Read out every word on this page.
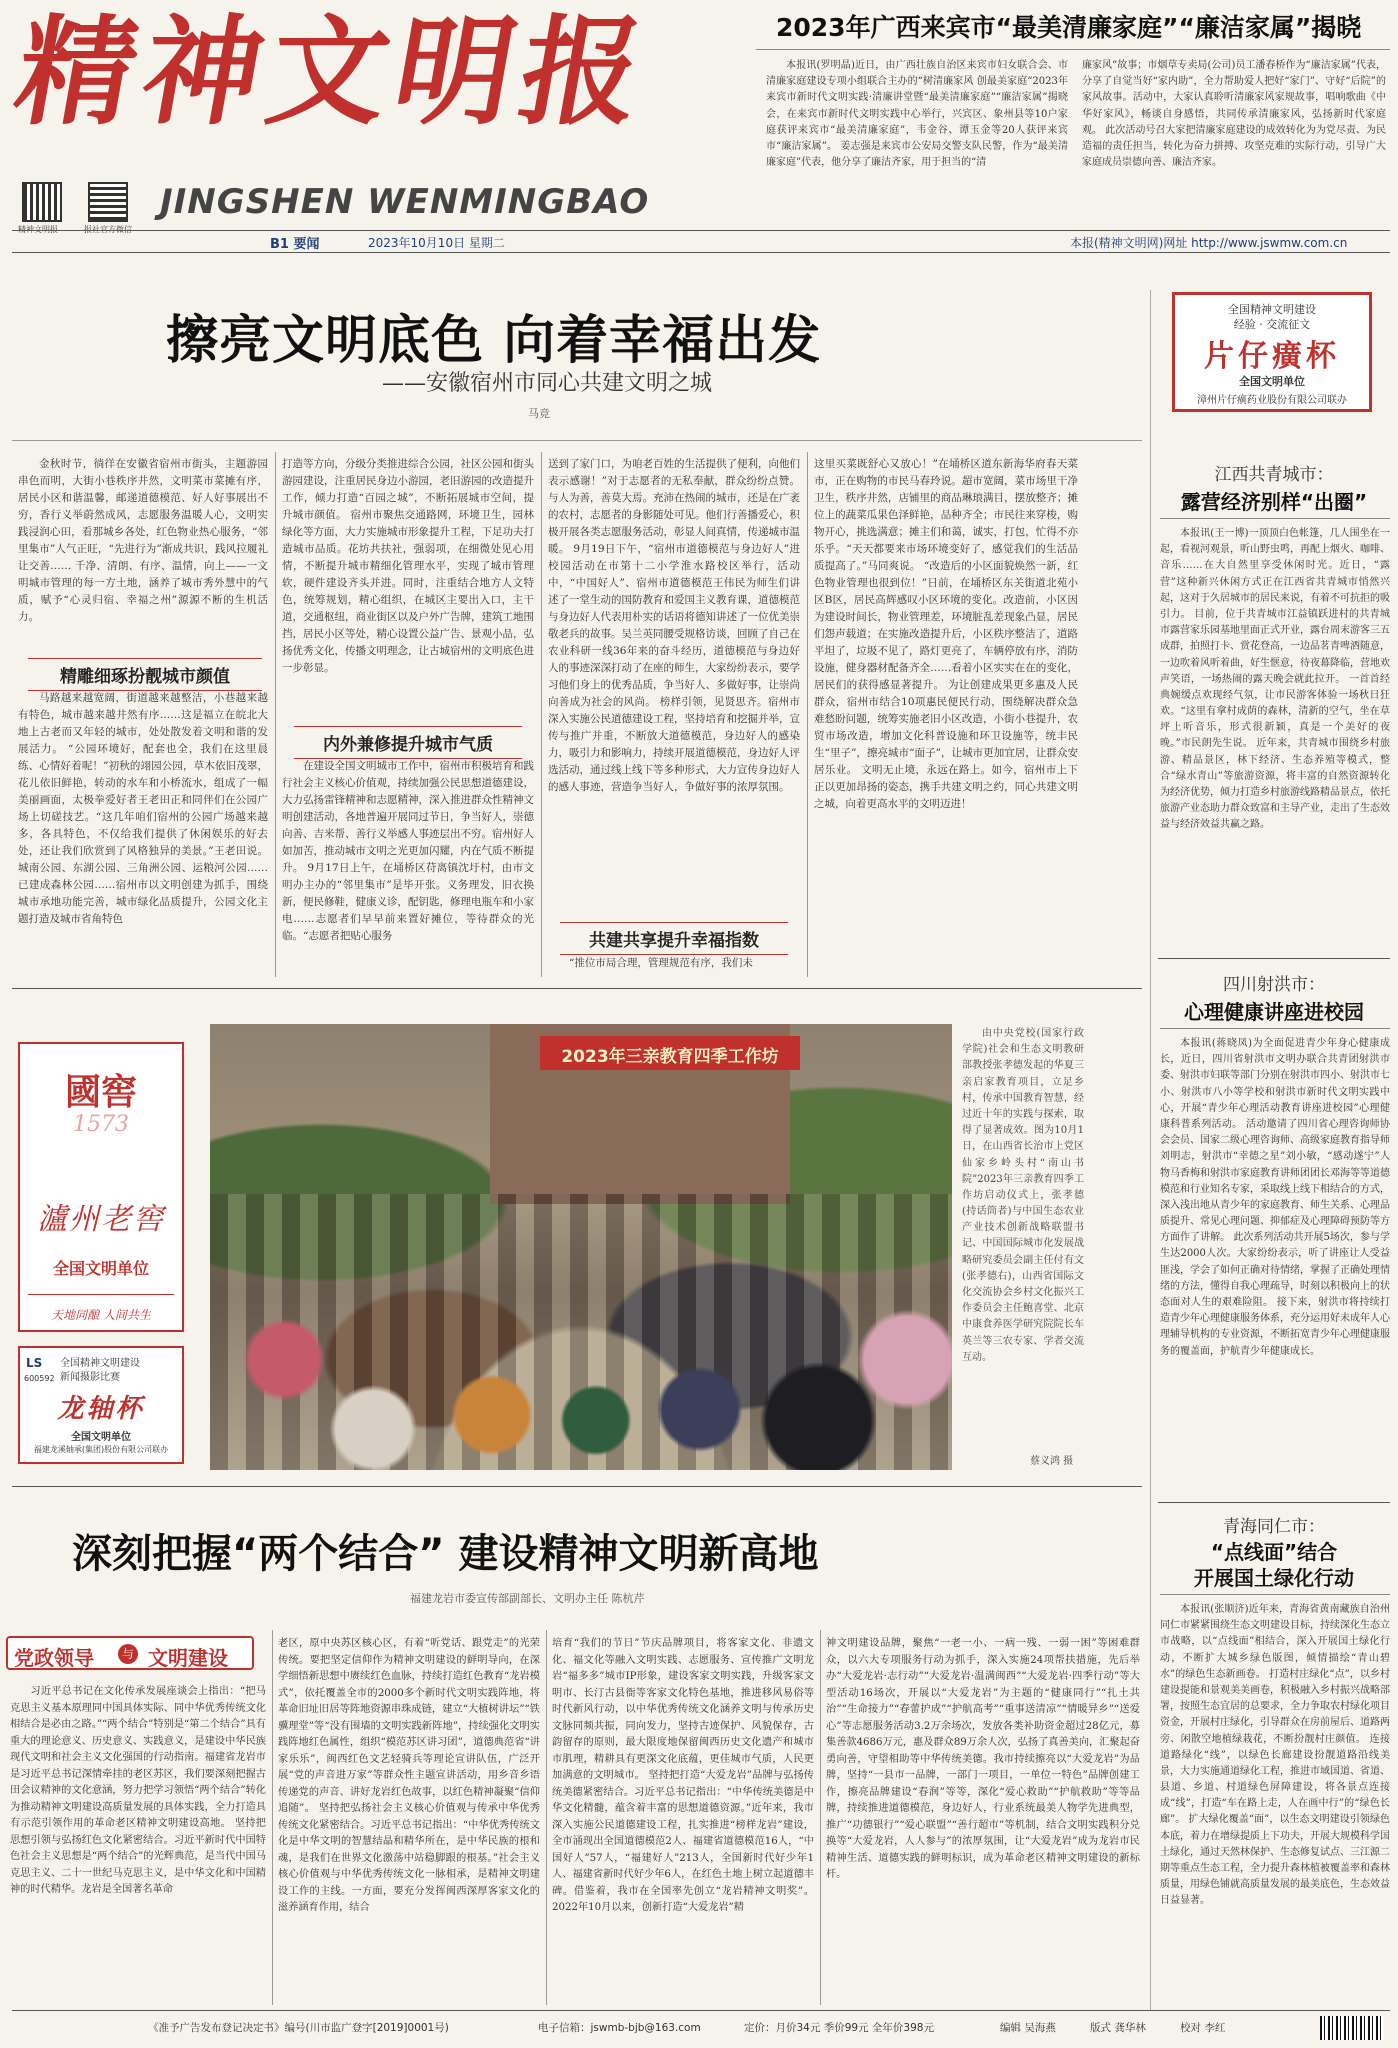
精神文明报
精神文明报	报社官方微信
JINGSHEN WENMINGBAO
B1 要闻	2023年10月10日 星期二	本报(精神文明网)网址 http://www.jswmw.com.cn
2023年广西来宾市“最美清廉家庭”“廉洁家属”揭晓
本报讯(罗明晶)近日，由广西壮族自治区来宾市妇女联合会、市清廉家庭建设专项小组联合主办的“树清廉家风 创最美家庭”2023年来宾市新时代文明实践·清廉讲堂暨“最美清廉家庭”“廉洁家属”揭晓会，在来宾市新时代文明实践中心举行，兴宾区、象州县等10户家庭获评来宾市“最美清廉家庭”，韦金谷、谭玉金等20人获评来宾市“廉洁家属”。 姜志强是来宾市公安局交警支队民警，作为“最美清廉家庭”代表，他分享了廉洁齐家，用于担当的“清
廉家风”故事；市烟草专卖局(公司)员工潘春桥作为“廉洁家属”代表，分享了自觉当好“家内助”，全力帮助爱人把好“家门”、守好“后院”的家风故事。活动中，大家认真聆听清廉家风家规故事，唱响歌曲《中华好家风》，畅谈自身感悟，共同传承清廉家风，弘扬新时代家庭观。 此次活动号召大家把清廉家庭建设的成效转化为为党尽责、为民造福的责任担当，转化为奋力拼搏、攻坚克难的实际行动，引导广大家庭成员崇德向善、廉洁齐家。
擦亮文明底色 向着幸福出发
——安徽宿州市同心共建文明之城
马竞
金秋时节，徜徉在安徽省宿州市街头，主题游园串色而明，大街小巷秩序井然，文明菜市菜摊有序，居民小区和谐温馨，邮递道德模范、好人好事展出不穷，香行义举蔚然成风，志愿服务温暖人心，文明实践浸润心田，看那城乡各处，红色物业热心服务，“邻里集市”人气正旺，“先进行为”渐成共识，践风拉履礼让交善…… 千净、清朗、有序、温情，向上——一文明城市管理的每一方土地，涵养了城市秀外慧中的气质，赋予“心灵归宿、幸福之州”源源不断的生机活力。
精雕细琢扮靓城市颜值
马路越来越宽阔，街道越来越整洁，小巷越来越有特色，城市越来越井然有序……这是福立在皖北大地上古老而又年轻的城市，处处散发着文明和谐的发展活力。 “公园环境好，配套也全，我们在这里晨练、心情好着呢！”初秋的翊园公园，草木依旧茂翠，花儿依旧鲜艳，转动的水车和小桥流水，组成了一幅美丽画面，太极拳爱好者王老田正和同伴们在公园广场上切磋技艺。“这几年咱们宿州的公园广场越来越多，各具特色，不仅给我们提供了休闲娱乐的好去处，还让我们欣赏到了风格独异的美景。”王老田说。 城南公园、东湖公园、三角洲公园、运粮河公园……已建成森林公园……宿州市以文明创建为抓手，围绕城市承地功能完善，城市绿化品质提升，公园文化主题打造及城市省角特色
打造等方向，分级分类推进综合公园，社区公园和街头游园建设，注重居民身边小游园，老旧游园的改造提升工作，倾力打造“百园之城”，不断拓展城市空间，提升城市颜值。 宿州市聚焦交通路网，环境卫生，园林绿化等方面，大力实施城市形象提升工程，下足功夫打造城市品质。花坊共扶社，强弱项，在细微处见心用情，不断提升城市精细化管理水平，实现了城市管理软，硬件建设齐头并进。同时，注重结合地方人文特色，统筹规划，精心组织，在城区主要出入口，主干道，交通枢纽，商业街区以及户外广告牌，建筑工地围挡，居民小区等处，精心设置公益广告、景观小品，弘扬优秀文化，传播文明理念，让古城宿州的文明底色进一步彰显。
内外兼修提升城市气质
在建设全国文明城市工作中，宿州市积极培育和践行社会主义核心价值观，持续加强公民思想道德建设，大力弘扬雷锋精神和志愿精神，深入推进群众性精神文明创建活动，各地普遍开展同过节日，争当好人，崇德向善、吉米帮、善行义举感人事迹层出不穷。宿州好人如加苦，推动城市文明之光更加闪耀，内在气质不断提升。 9月17日上午，在埇桥区苻离镇沈圩村，由市文明办主办的“邻里集市”是毕开张。义务理发，旧衣换新，便民修鞋，健康义诊，配钥匙，修理电瓶车和小家电……志愿者们早早前来置好摊位，等待群众的光临。“志愿者把贴心服务
送到了家门口，为咱老百姓的生活提供了便利，向他们表示感谢！”对于志愿者的无私奉献，群众纷纷点赞。 与人为善，善莫大焉。充沛在热闹的城市，还是在广袤的农村，志愿者的身影随处可见。他们行善播爱心，积极开展各类志愿服务活动，彰显人间真情，传递城市温暖。 9月19日下午，“宿州市道德模范与身边好人”进校园活动在市第十二小学淮水路校区举行，活动中，“中国好人”、宿州市道德模范王伟民为师生们讲述了一堂生动的国防教育和爱国主义教育课，道德模范与身边好人代表用朴实的话语将德知讲述了一位优美崇敬老兵的故事。吴兰英同腰受规格访谈，回顾了自己在农业科研一线36年来的奋斗经历，道德模范与身边好人的事迹深深打动了在座的师生，大家纷纷表示，要学习他们身上的优秀品质，争当好人、多做好事，让崇尚向善成为社会的风尚。 榜样引领，见贤思齐。宿州市深入实施公民道德建设工程，坚持培育和挖掘并举，宣传与推广并重，不断放大道德模范，身边好人的感染力，吸引力和影响力，持续开展道德模范，身边好人评选活动，通过线上线下等多种形式，大力宣传身边好人的感人事迹，营造争当好人，争做好事的浓厚氛围。
共建共享提升幸福指数
“推位市局合理，管理规范有序，我们未
这里买菜既舒心又放心！”在埇桥区道东新海华府春天菜市，正在购物的市民马春玲说。超市宽阔，菜市场里干净卫生，秩序井然，店铺里的商品琳琅满目，摆放整齐；摊位上的蔬菜瓜果色泽鲜艳，品种齐全；市民往来穿梭，购物开心，挑选满意；摊主们和蔼，诚实，打包，忙得不亦乐乎。“天天都要来市场环境变好了，感觉我们的生活品质提高了。”马同爽说。 “改造后的小区面貌焕然一新，红色物业管理也很到位！”日前，在埇桥区东关街道北苑小区B区，居民高辉感叹小区环境的变化。改造前，小区因为建设时间长，物业管理差，环境脏乱差现象凸显，居民们怨声载道；在实施改造提升后，小区秩序整洁了，道路平坦了，垃圾不见了，路灯更亮了，车辆停放有序，消防设施，健身器材配备齐全……看着小区实实在在的变化，居民们的获得感显著提升。 为让创建成果更多惠及人民群众，宿州市结合10项惠民便民行动，围绕解决群众急难愁盼问题，统筹实施老旧小区改造，小街小巷提升，农贸市场改造，增加文化科普设施和环卫设施等，统丰民生“里子”，擦亮城市“面子”，让城市更加宜居，让群众安居乐业。 文明无止境，永远在路上。如今，宿州市上下正以更加昂扬的姿态，携手共建文明之约，同心共建文明之城，向着更高水平的文明迈进！
全国精神文明建设
经验 · 交流征文
片仔癀杯
全国文明单位
漳州片仔癀药业股份有限公司联办
江西共青城市：
露营经济别样“出圈”
本报讯(王一博)一顶顶白色帐篷，几人围坐在一起，看视河观景，听山野虫鸣，再配上烟火、咖啡、音乐……在大自然里享受休闲时光。近日，“露营”这种新兴休闲方式正在江西省共青城市悄然兴起，这对于久居城市的居民来说，有着不可抗拒的吸引力。 目前，位于共青城市江益镇跃进村的共青城市露营家乐园基地里面正式开业，露台周末游客三五成群，拍照打卡、赏花登高，一边品茗青啤酒随意，一边吹着风听着曲，好生惬意，待夜幕降临，营地欢声笑语，一场热闹的露天晚会就此拉开。 一首首经典婉缓点欢现经气氛，让市民游客体验一场秋日狂欢。“这里有拿村成荫的森林，清新的空气，坐在草坪上听音乐，形式很新颖，真是一个美好的夜晚。”市民朗先生说。 近年来，共青城市围绕乡村旅游、精品景区，林下经济、生态养殖等模式，整合“绿水青山”等旅游资源，将丰富的自然资源转化为经济优势，倾力打造乡村旅游线路精品景点，依托旅游产业态助力群众致富和主导产业，走出了生态效益与经济效益共赢之路。
四川射洪市：
心理健康讲座进校园
本报讯(蒋晓凤)为全面促进青少年身心健康成长，近日，四川省射洪市文明办联合共青团射洪市委、射洪市妇联等部门分别在射洪市四小、射洪市七小、射洪市八小等学校和射洪市新时代文明实践中心，开展“青少年心理活动教育讲座进校园”心理健康科普系列活动。 活动邀请了四川省心理咨询师协会会员、国家二级心理咨询师、高级家庭教育指导师刘明志，射洪市“幸德之星”刘小敏，“感动遂宁”人物马香梅和射洪市家庭教育讲师团团长邓海等等道德模范和行业知名专家，采取线上线下相结合的方式，深入浅出地从青少年的家庭教育、师生关系、心理品质提升、常见心理问题、抑郁症及心理障碍预防等方方面作了讲解。 此次系列活动共开展5场次，参与学生达2000人次。大家纷纷表示，听了讲座让人受益匪浅，学会了如何正确对待情绪，掌握了正确处理情绪的方法，懂得自我心理疏导，时刻以积极向上的状态面对人生的艰难险阻。 接下来，射洪市将持续打造青少年心理健康服务体系，充分运用好未成年人心理辅导机构的专业资源，不断拓宽青少年心理健康服务的覆盖面，护航青少年健康成长。
青海同仁市：
“点线面”结合
开展国土绿化行动
本报讯(张顺济)近年来，青海省黄南藏族自治州同仁市紧紧围绕生态文明建设目标，持续深化生态立市战略，以“点线面”相结合，深入开展国土绿化行动，不断扩大城乡绿色版图，倾情描绘“青山碧水”的绿色生态新画卷。 打造村庄绿化“点”，以乡村建设提能和景观美美画卷，积极融入乡村振兴战略部署，按照生态宜居的总要求，全力争取农村绿化项目资金，开展村庄绿化，引导群众在房前屋后、道路两旁、闲散空地植绿栽花，不断扮靓村庄颜值。 连接道路绿化“线”，以绿色长廊建设扮靓道路沿线美景，大力实施通道绿化工程，推进市域国道、省道、县道、乡道、村道绿色屏障建设，将各景点连接成“线”，打造“车在路上走，人在画中行”的“绿色长廊”。 扩大绿化覆盖“面”，以生态文明建设引领绿色本底，着力在增绿提质上下功夫，开展大规模科学国土绿化，通过天然林保护、生态修复试点、三江源二期等重点生态工程，全力提升森林植被覆盖率和森林质量，用绿色铺就高质量发展的最美底色，生态效益日益显著。
國窖
1573
瀘州老窖
全国文明单位
天地同酿 人间共生
LS
600592
全国精神文明建设
新闻摄影比赛
龙轴杯
全国文明单位
福建龙溪轴承(集团)股份有限公司联办
2023年三亲教育四季工作坊
由中央党校(国家行政学院)社会和生态文明教研部教授张孝德发起的华夏三亲启家教育项目，立足乡村，传承中国教育智慧，经过近十年的实践与探索，取得了显著成效。图为10月1日，在山西省长治市上党区仙家乡岭头村“南山书院”2023年三亲教育四季工作坊启动仪式上，张孝德(持话筒者)与中国生态农业产业技术创新战略联盟书记、中国国际城市化发展战略研究委员会副主任付有文(张孝德右)，山西省国际文化交流协会乡村文化振兴工作委员会主任鲍喜堂、北京中康食养医学研究院院长车英兰等三农专家、学者交流互动。
蔡义鸿 摄
深刻把握“两个结合” 建设精神文明新高地
福建龙岩市委宣传部副部长、文明办主任 陈杭芹
党政领导	与 文明建设
习近平总书记在文化传承发展座谈会上指出：“把马克思主义基本原理同中国具体实际、同中华优秀传统文化相结合是必由之路。”“两个结合”特别是“第二个结合”具有重大的理论意义、历史意义、实践意义，是建设中华民族现代文明和社会主义文化强国的行动指南。福建省龙岩市是习近平总书记深情牵挂的老区苏区，我们要深刻把握古田会议精神的文化意涵，努力把学习领悟“两个结合”转化为推动精神文明建设高质量发展的具体实践，全力打造具有示范引领作用的革命老区精神文明建设高地。 坚持把思想引领与弘扬红色文化紧密结合。习近平新时代中国特色社会主义思想是“两个结合”的光辉典范，是当代中国马克思主义、二十一世纪马克思主义，是中华文化和中国精神的时代精华。龙岩是全国著名革命
老区，原中央苏区核心区，有着“听党话、跟党走”的光荣传统。要把坚定信仰作为精神文明建设的鲜明导向，在深学细悟新思想中赓续红色血脉，持续打造红色教育“龙岩模式”，依托覆盖全市的2000多个新时代文明实践阵地，将革命旧址旧居等阵地资源串珠成链，建立“大植树讲坛”“铁骥理堂”等“没有围墙的文明实践新阵地”，持续强化文明实践阵地红色属性，组织“模范苏区讲习团”，道德典范省“讲家乐乐”，闽西红色文艺轻骑兵等理论宣讲队伍，广泛开展“党的声音进万家”等群众性主题宣讲活动，用乡音乡语传递党的声音、讲好龙岩红色故事，以红色精神凝聚“信仰追随”。 坚持把弘扬社会主义核心价值观与传承中华优秀传统文化紧密结合。习近平总书记指出：“中华优秀传统文化是中华文明的智慧结晶和精华所在，是中华民族的根和魂，是我们在世界文化激荡中站稳脚跟的根基。”社会主义核心价值观与中华优秀传统文化一脉相承，是精神文明建设工作的主线。一方面，要充分发挥闽西深厚客家文化的滋养涵育作用，结合
培育“我们的节日”节庆品牌项目，将客家文化、非遗文化、福文化等融入文明实践、志愿服务、宣传推广文明龙岩“福多多”城市IP形象，建设客家文明实践，升级客家文明市、长汀古县衙等客家文化特色基地，推进移风易俗等时代新风行动，以中华优秀传统文化涵养文明与传承历史文脉同频共振，同向发力，坚持古迹保护、风貌保存，古韵留存的原则，最大限度地保留闽西历史文化遗产和城市市肌理，精耕具有更深文化底蕴，更佳城市气质，人民更加满意的文明城市。 坚持把打造“大爱龙岩”品牌与弘扬传统美德紧密结合。习近平总书记指出：“中华传统美德是中华文化精髓，蕴含着丰富的思想道德资源。”近年来，我市深入实施公民道德建设工程，扎实推进“榜样龙岩”建设，全市涌现出全国道德模范2人、福建省道德模范16人，“中国好人”57人，“福建好人”213人，全国新时代好少年1人、福建省新时代好少年6人，在红色土地上树立起道德丰碑。借鉴着，我市在全国率先创立“龙岩精神文明奖”。2022年10月以来，创新打造“大爱龙岩”精
神文明建设品牌，聚焦“一老一小、一病一残、一弱一困”等困难群众，以六大专项服务行动为抓手，深入实施24项帮扶措施，先后举办“大爱龙岩·志行动”“大爱龙岩·温满闽西”“大爱龙岩·四季行动”等大型活动16场次，开展以“大爱龙岩”为主题的“健康同行”“扎土共治”“生命接力”“春蕾护成”“护航高考”“重事送清凉”“情暖异乡”“送爱心”等志愿服务活动3.2万余场次，发放各类补助资金超过28亿元，募集善款4686万元，惠及群众89万余人次，弘扬了真善美向，汇聚起奋勇向善，守望相助等中华传统美德。我市持续擦亮以“大爱龙岩”为品牌，坚持“一县市一品牌，一部门一项目，一单位一特色”品牌创建工作，擦亮品牌建设“春润”等等，深化“爱心救助”“护航救助”等等品牌，持续推进道德模范，身边好人，行业系统最美人物学先进典型，推广“功德银行”“爱心联盟”“善行超市”等机制，结合文明实践积分兑换等“大爱龙岩，人人参与”的浓厚氛围，让“大爱龙岩”成为龙岩市民精神生活、道德实践的鲜明标识，成为革命老区精神文明建设的新标杆。
《准予广告发布登记决定书》编号(川市监广登字[2019]0001号)	电子信箱：jswmb-bjb@163.com	定价：月价34元 季价99元 全年价398元	编辑 吴海燕	版式 龚华林	校对 李红
